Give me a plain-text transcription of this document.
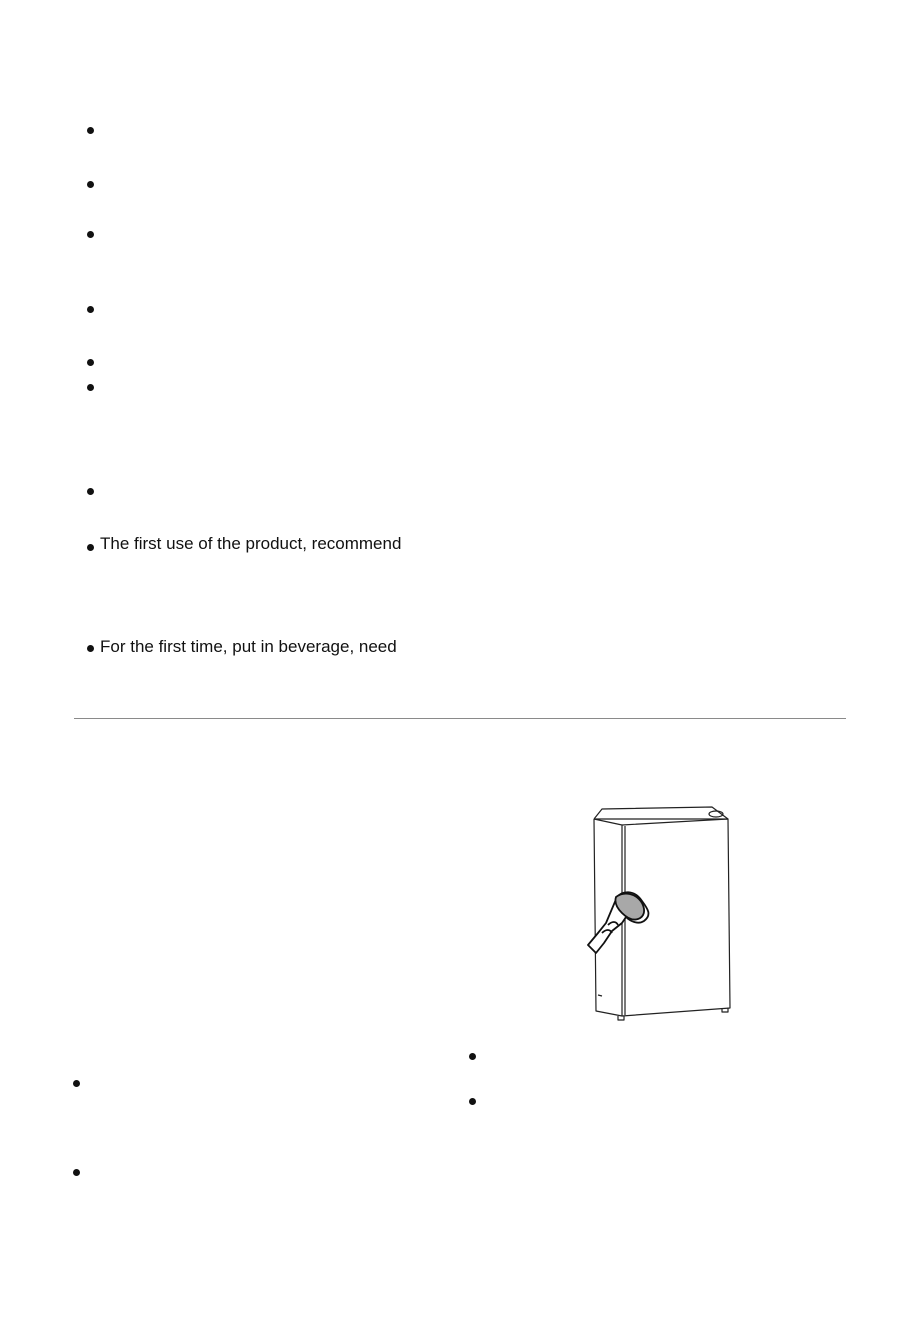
The first use of the product, recommend
For the first time, put in beverage, need
